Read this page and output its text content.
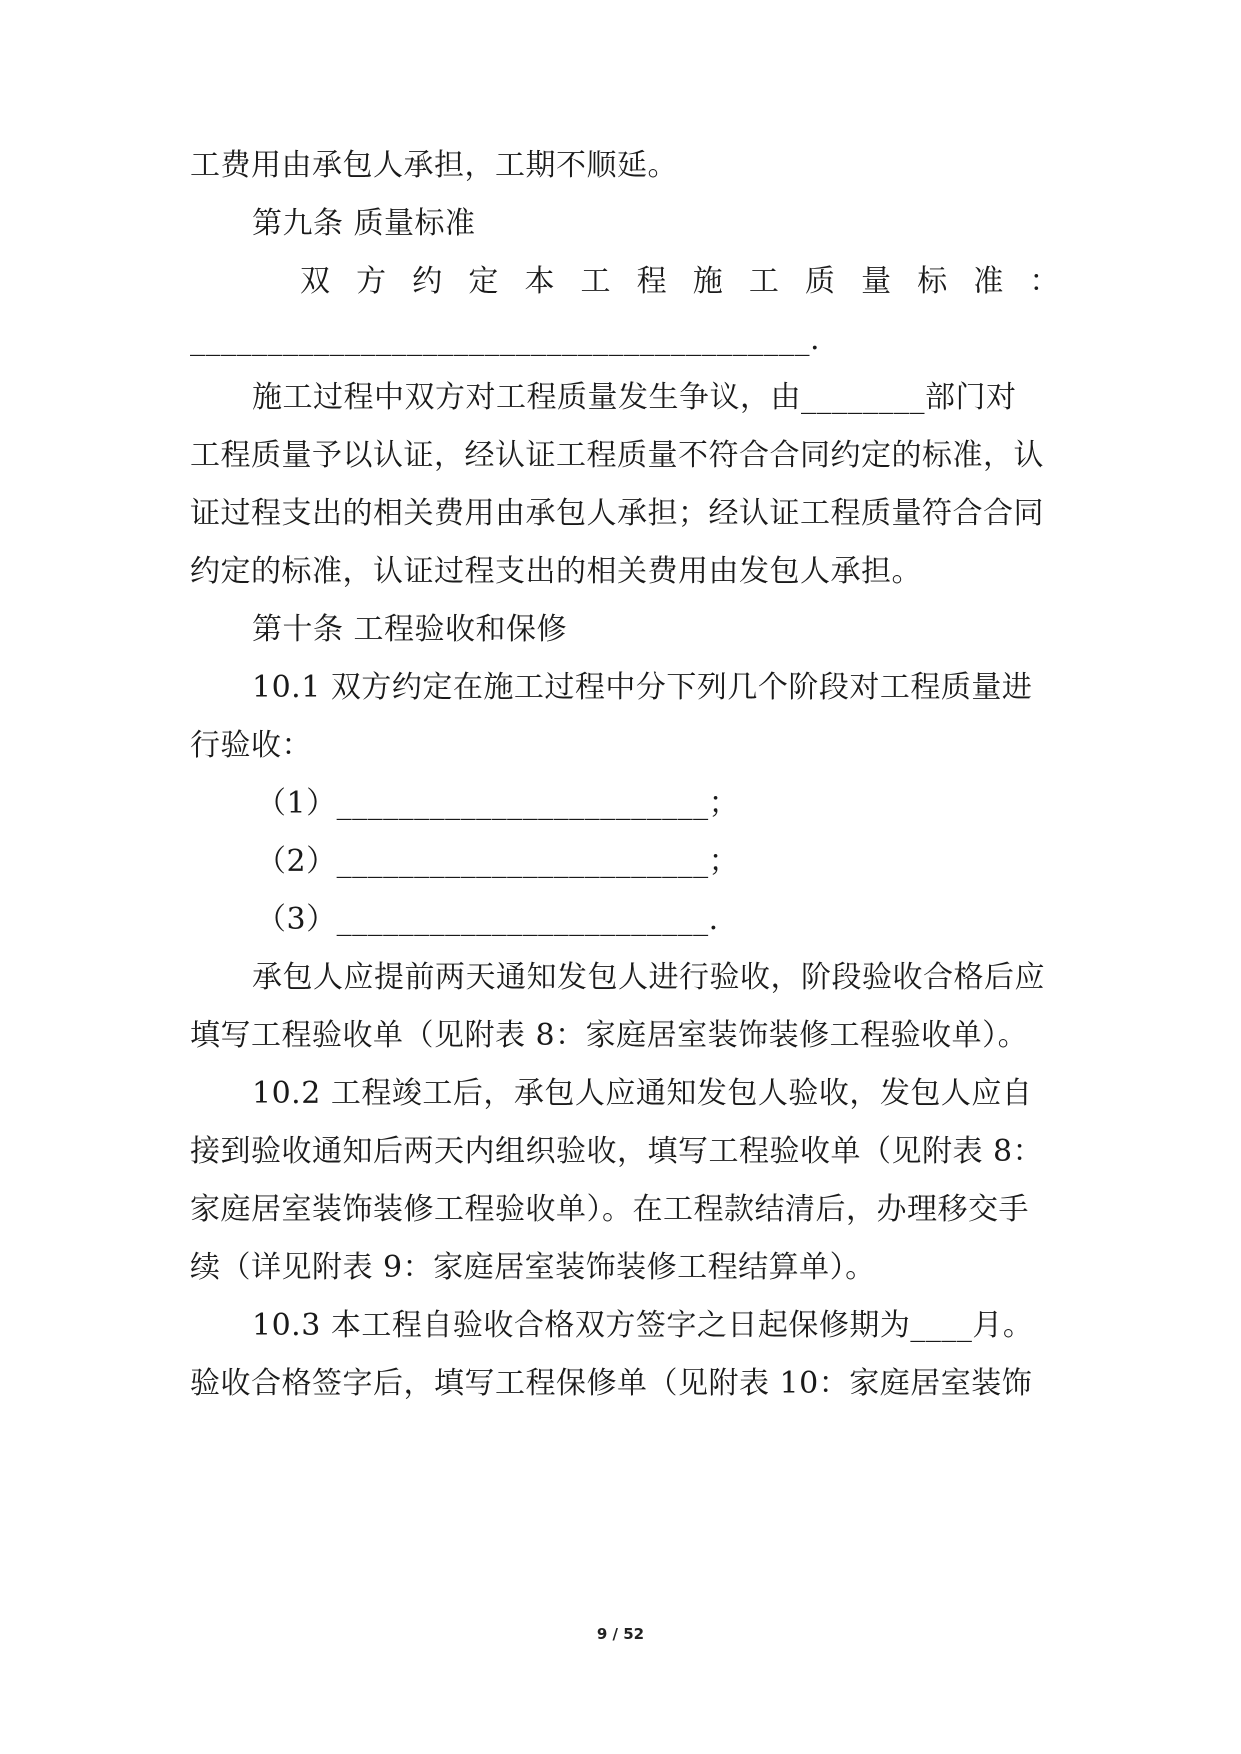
工费用由承包人承担，工期不顺延。
第九条 质量标准
双 方 约 定 本 工 程 施 工 质 量 标 准 ：
________________________________________.
施工过程中双方对工程质量发生争议，由________部门对
工程质量予以认证，经认证工程质量不符合合同约定的标准，认
证过程支出的相关费用由承包人承担；经认证工程质量符合合同
约定的标准，认证过程支出的相关费用由发包人承担。
第十条 工程验收和保修
10.1 双方约定在施工过程中分下列几个阶段对工程质量进
行验收：
（1）________________________；
（2）________________________；
（3）________________________.
承包人应提前两天通知发包人进行验收，阶段验收合格后应
填写工程验收单（见附表 8：家庭居室装饰装修工程验收单）。
10.2 工程竣工后，承包人应通知发包人验收，发包人应自
接到验收通知后两天内组织验收，填写工程验收单（见附表 8：
家庭居室装饰装修工程验收单）。在工程款结清后，办理移交手
续（详见附表 9：家庭居室装饰装修工程结算单）。
10.3 本工程自验收合格双方签字之日起保修期为____月。
验收合格签字后，填写工程保修单（见附表 10：家庭居室装饰
9 / 52
